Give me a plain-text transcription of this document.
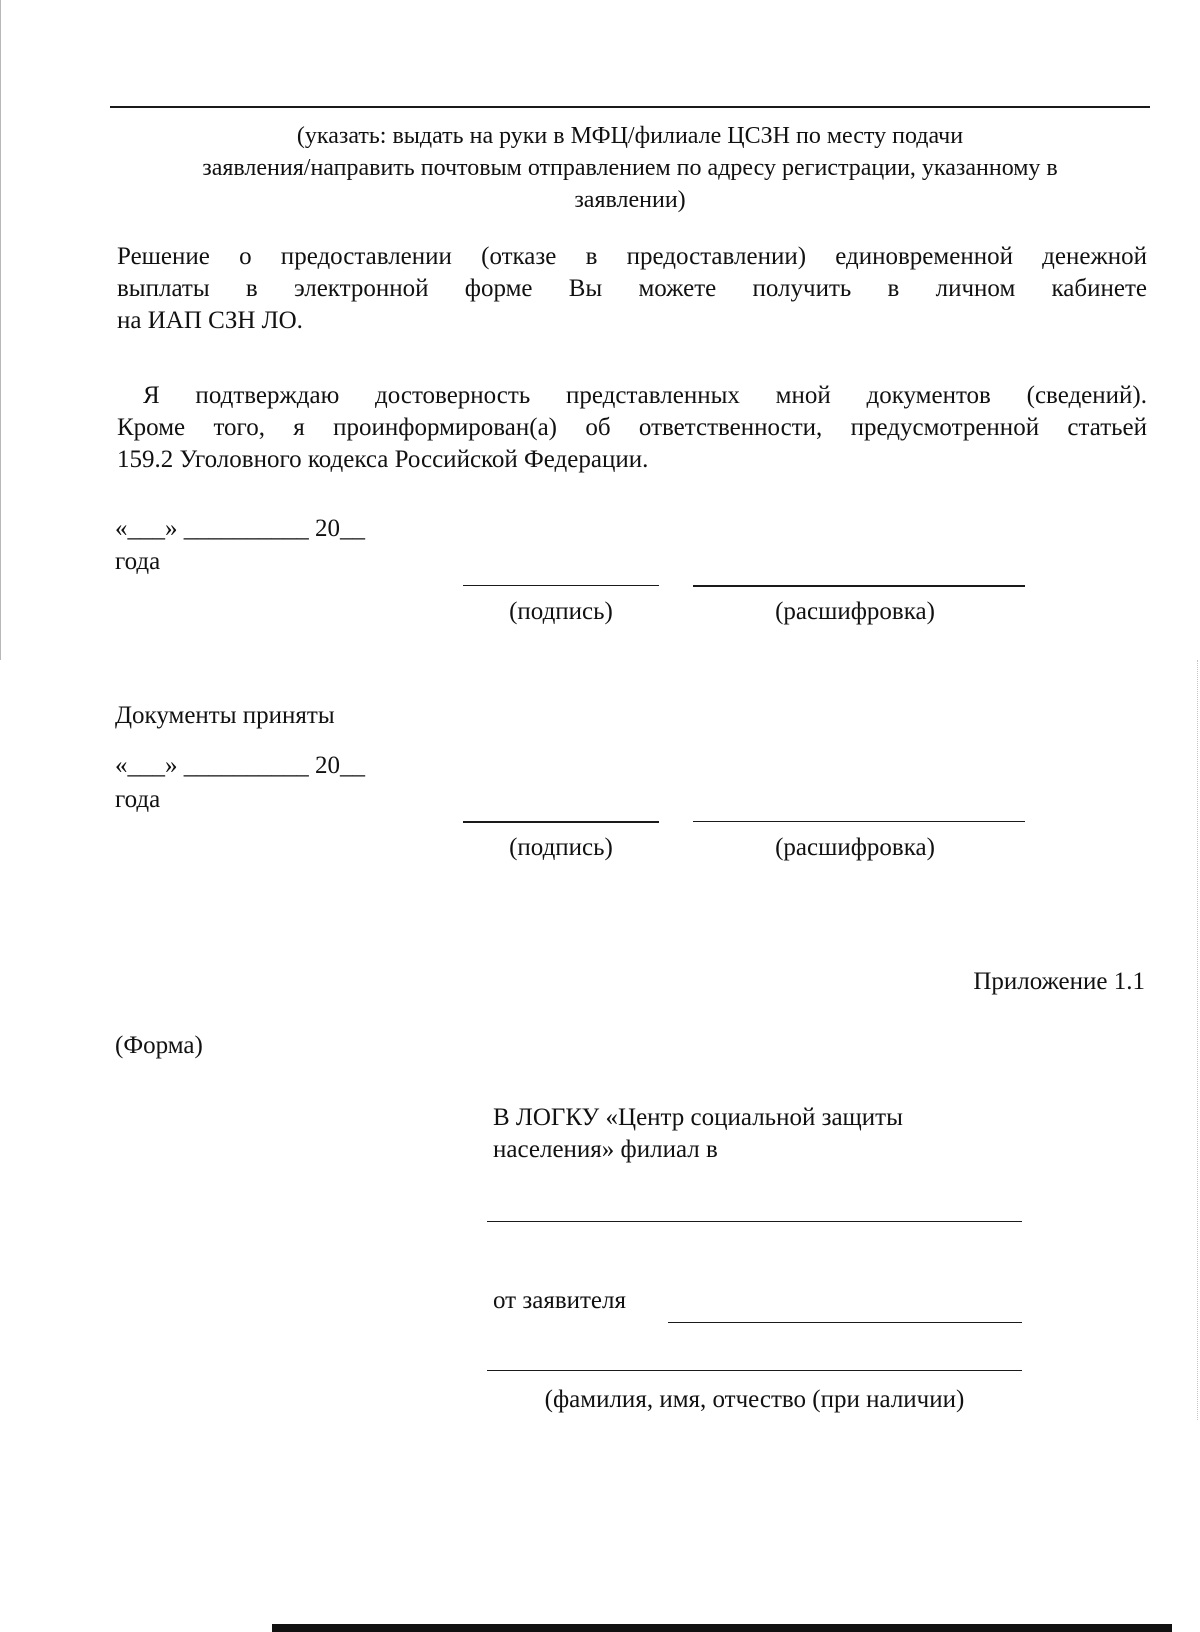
(указать: выдать на руки в МФЦ/филиале ЦСЗН по месту подачи
заявления/направить почтовым отправлением по адресу регистрации, указанному в
заявлении)
Решение о предоставлении (отказе в предоставлении) единовременной денежной
выплаты в электронной форме Вы можете получить в личном кабинете
на ИАП СЗН ЛО.
Я подтверждаю достоверность представленных мной документов (сведений).
Кроме того, я проинформирован(а) об ответственности, предусмотренной статьей
159.2 Уголовного кодекса Российской Федерации.
«___» __________ 20__
года
(подпись)	(расшифровка)
Документы приняты
«___» __________ 20__
года
(подпись)	(расшифровка)
Приложение 1.1
(Форма)
В ЛОГКУ «Центр социальной защиты
населения» филиал в
от заявителя
(фамилия, имя, отчество (при наличии)
